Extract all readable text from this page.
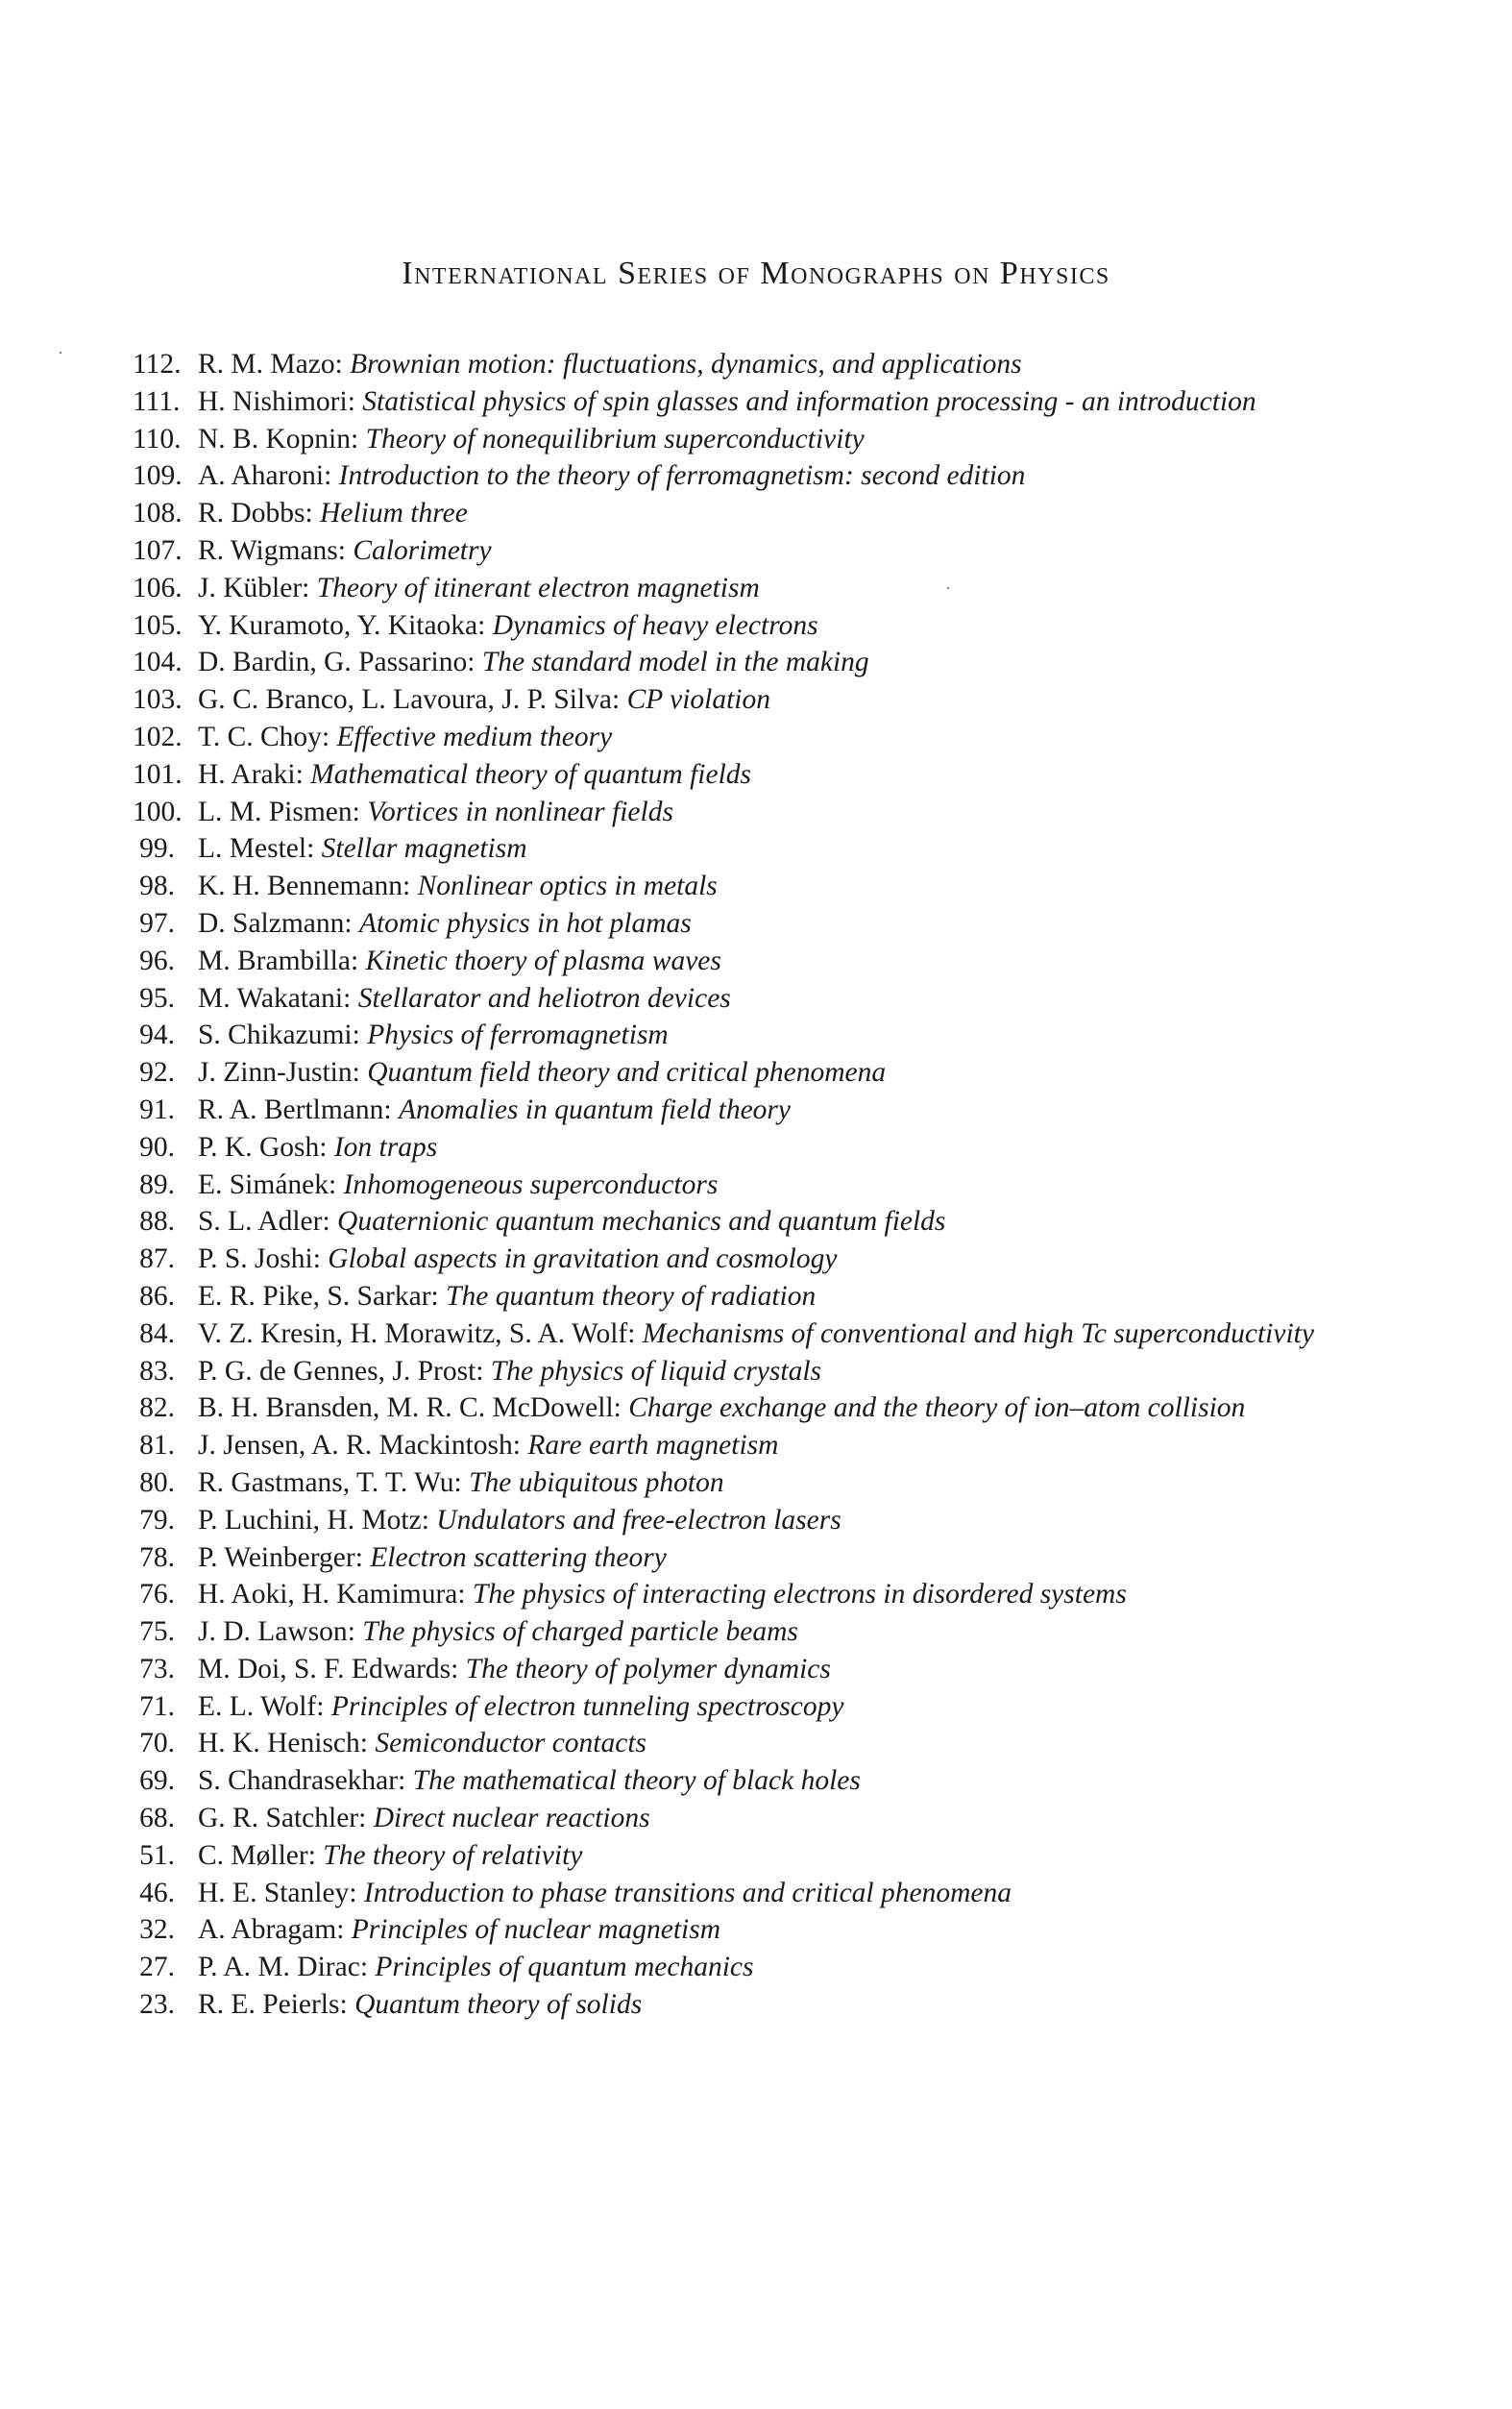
International Series of Monographs on Physics
112. R. M. Mazo : Brownian motion: fluctuations, dynamics, and applications
111. H. Nishimori : Statistical physics of spin glasses and information processing - an introduction
110. N. B. Kopnin : Theory of nonequilibrium superconductivity
109. A. Aharoni : Introduction to the theory of ferromagnetism: second edition
108. R. Dobbs : Helium three
107. R. Wigmans : Calorimetry
106. J. Kübler : Theory of itinerant electron magnetism
105. Y. Kuramoto, Y. Kitaoka : Dynamics of heavy electrons
104. D. Bardin, G. Passarino : The standard model in the making
103. G. C. Branco, L. Lavoura, J. P. Silva : CP violation
102. T. C. Choy : Effective medium theory
101. H. Araki : Mathematical theory of quantum fields
100. L. M. Pismen : Vortices in nonlinear fields
99. L. Mestel : Stellar magnetism
98. K. H. Bennemann : Nonlinear optics in metals
97. D. Salzmann : Atomic physics in hot plamas
96. M. Brambilla : Kinetic thoery of plasma waves
95. M. Wakatani : Stellarator and heliotron devices
94. S. Chikazumi : Physics of ferromagnetism
92. J. Zinn-Justin : Quantum field theory and critical phenomena
91. R. A. Bertlmann : Anomalies in quantum field theory
90. P. K. Gosh : Ion traps
89. E. Simánek : Inhomogeneous superconductors
88. S. L. Adler : Quaternionic quantum mechanics and quantum fields
87. P. S. Joshi : Global aspects in gravitation and cosmology
86. E. R. Pike, S. Sarkar : The quantum theory of radiation
84. V. Z. Kresin, H. Morawitz, S. A. Wolf : Mechanisms of conventional and high Tc superconductivity
83. P. G. de Gennes, J. Prost : The physics of liquid crystals
82. B. H. Bransden, M. R. C. McDowell : Charge exchange and the theory of ion–atom collision
81. J. Jensen, A. R. Mackintosh : Rare earth magnetism
80. R. Gastmans, T. T. Wu : The ubiquitous photon
79. P. Luchini, H. Motz : Undulators and free-electron lasers
78. P. Weinberger : Electron scattering theory
76. H. Aoki, H. Kamimura : The physics of interacting electrons in disordered systems
75. J. D. Lawson : The physics of charged particle beams
73. M. Doi, S. F. Edwards : The theory of polymer dynamics
71. E. L. Wolf : Principles of electron tunneling spectroscopy
70. H. K. Henisch : Semiconductor contacts
69. S. Chandrasekhar : The mathematical theory of black holes
68. G. R. Satchler : Direct nuclear reactions
51. C. Møller : The theory of relativity
46. H. E. Stanley : Introduction to phase transitions and critical phenomena
32. A. Abragam : Principles of nuclear magnetism
27. P. A. M. Dirac : Principles of quantum mechanics
23. R. E. Peierls : Quantum theory of solids
